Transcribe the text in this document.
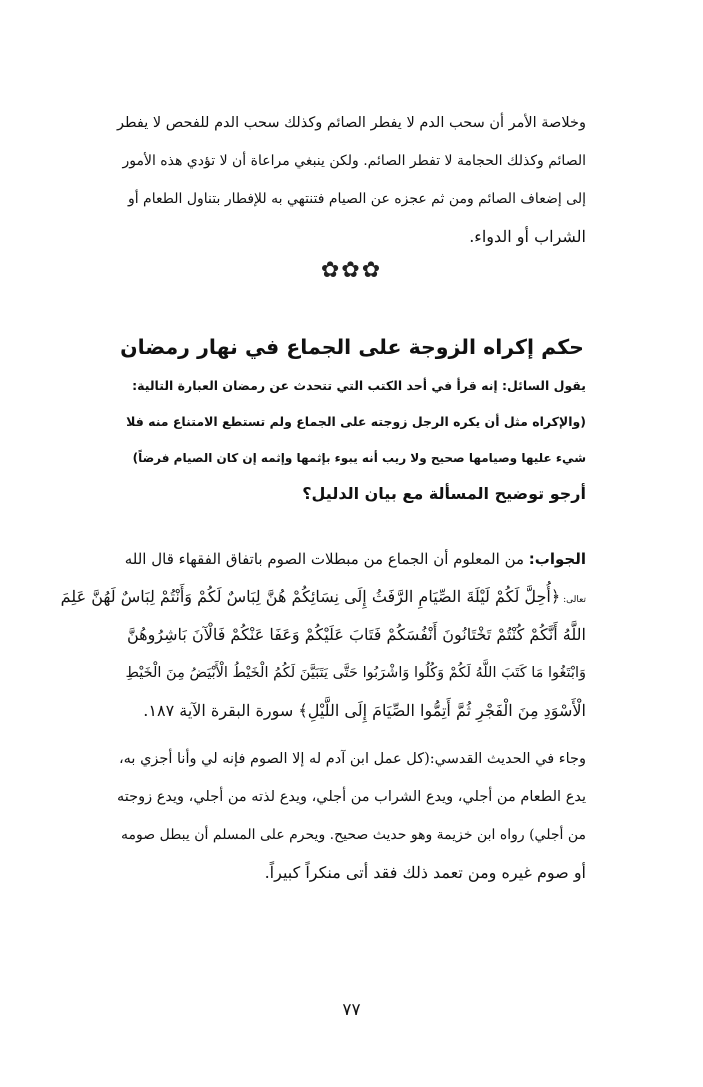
وخلاصة الأمر أن سحب الدم لا يفطر الصائم وكذلك سحب الدم للفحص لا يفطر
الصائم وكذلك الحجامة لا تفطر الصائم. ولكن ينبغي مراعاة أن لا تؤدي هذه الأمور
إلى إضعاف الصائم ومن ثم عجزه عن الصيام فتنتهي به للإفطار بتناول الطعام أو
الشراب أو الدواء.
✿✿✿
حكم إكراه الزوجة على الجماع في نهار رمضان
يقول السائل: إنه قرأ في أحد الكتب التي تتحدث عن رمضان العبارة التالية:
(والإكراه مثل أن يكره الرجل زوجته على الجماع ولم تستطع الامتناع منه فلا
شيء عليها وصيامها صحيح ولا ريب أنه يبوء بإثمها وإثمه إن كان الصيام فرضاً)
أرجو توضيح المسألة مع بيان الدليل؟
الجواب: من المعلوم أن الجماع من مبطلات الصوم باتفاق الفقهاء قال الله
تعالى: ﴿أُحِلَّ لَكُمْ لَيْلَةَ الصِّيَامِ الرَّفَثُ إِلَى نِسَائِكُمْ هُنَّ لِبَاسٌ لَكُمْ وَأَنْتُمْ لِبَاسٌ لَهُنَّ عَلِمَ
اللَّهُ أَنَّكُمْ كُنْتُمْ تَخْتَانُونَ أَنْفُسَكُمْ فَتَابَ عَلَيْكُمْ وَعَفَا عَنْكُمْ فَالْآنَ بَاشِرُوهُنَّ
وَابْتَغُوا مَا كَتَبَ اللَّهُ لَكُمْ وَكُلُوا وَاشْرَبُوا حَتَّى يَتَبَيَّنَ لَكُمُ الْخَيْطُ الْأَبْيَضُ مِنَ الْخَيْطِ
الْأَسْوَدِ مِنَ الْفَجْرِ ثُمَّ أَتِمُّوا الصِّيَامَ إِلَى اللَّيْلِ﴾ سورة البقرة الآية ١٨٧.
وجاء في الحديث القدسي:(كل عمل ابن آدم له إلا الصوم فإنه لي وأنا أجزي به،
يدع الطعام من أجلي، ويدع الشراب من أجلي، ويدع لذته من أجلي، ويدع زوجته
من أجلي) رواه ابن خزيمة وهو حديث صحيح. ويحرم على المسلم أن يبطل صومه
أو صوم غيره ومن تعمد ذلك فقد أتى منكراً كبيراً.
٧٧
